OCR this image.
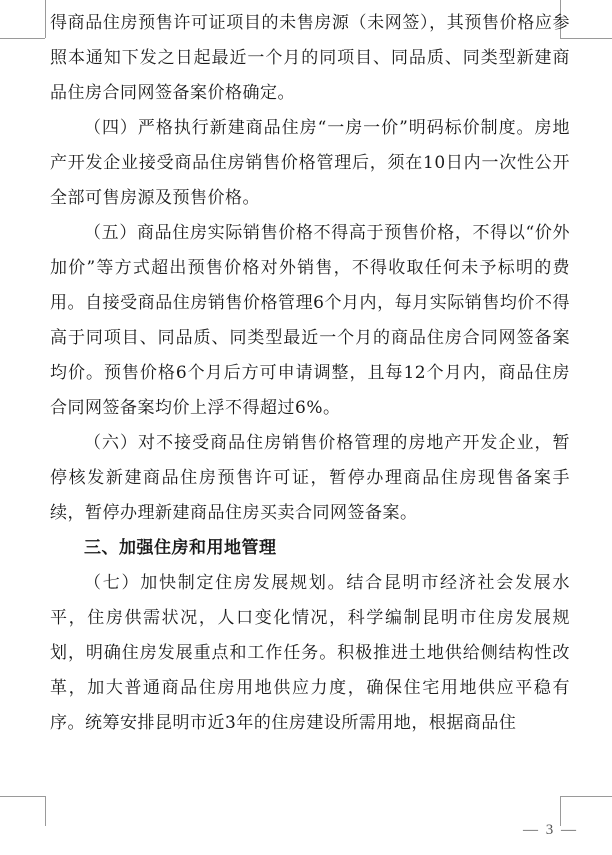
得商品住房预售许可证项目的未售房源（未网签），其预售价格应参照本通知下发之日起最近一个月的同项目、同品质、同类型新建商品住房合同网签备案价格确定。

（四）严格执行新建商品住房“一房一价”明码标价制度。房地产开发企业接受商品住房销售价格管理后，须在10日内一次性公开全部可售房源及预售价格。

（五）商品住房实际销售价格不得高于预售价格，不得以“价外加价”等方式超出预售价格对外销售，不得收取任何未予标明的费用。自接受商品住房销售价格管理6个月内，每月实际销售均价不得高于同项目、同品质、同类型最近一个月的商品住房合同网签备案均价。预售价格6个月后方可申请调整，且每12个月内，商品住房合同网签备案均价上浮不得超过6%。

（六）对不接受商品住房销售价格管理的房地产开发企业，暂停核发新建商品住房预售许可证，暂停办理商品住房现售备案手续，暂停办理新建商品住房买卖合同网签备案。

三、加强住房和用地管理

（七）加快制定住房发展规划。结合昆明市经济社会发展水平，住房供需状况，人口变化情况，科学编制昆明市住房发展规划，明确住房发展重点和工作任务。积极推进土地供给侧结构性改革，加大普通商品住房用地供应力度，确保住宅用地供应平稳有序。统筹安排昆明市近3年的住房建设所需用地，根据商品住

— 3 —
